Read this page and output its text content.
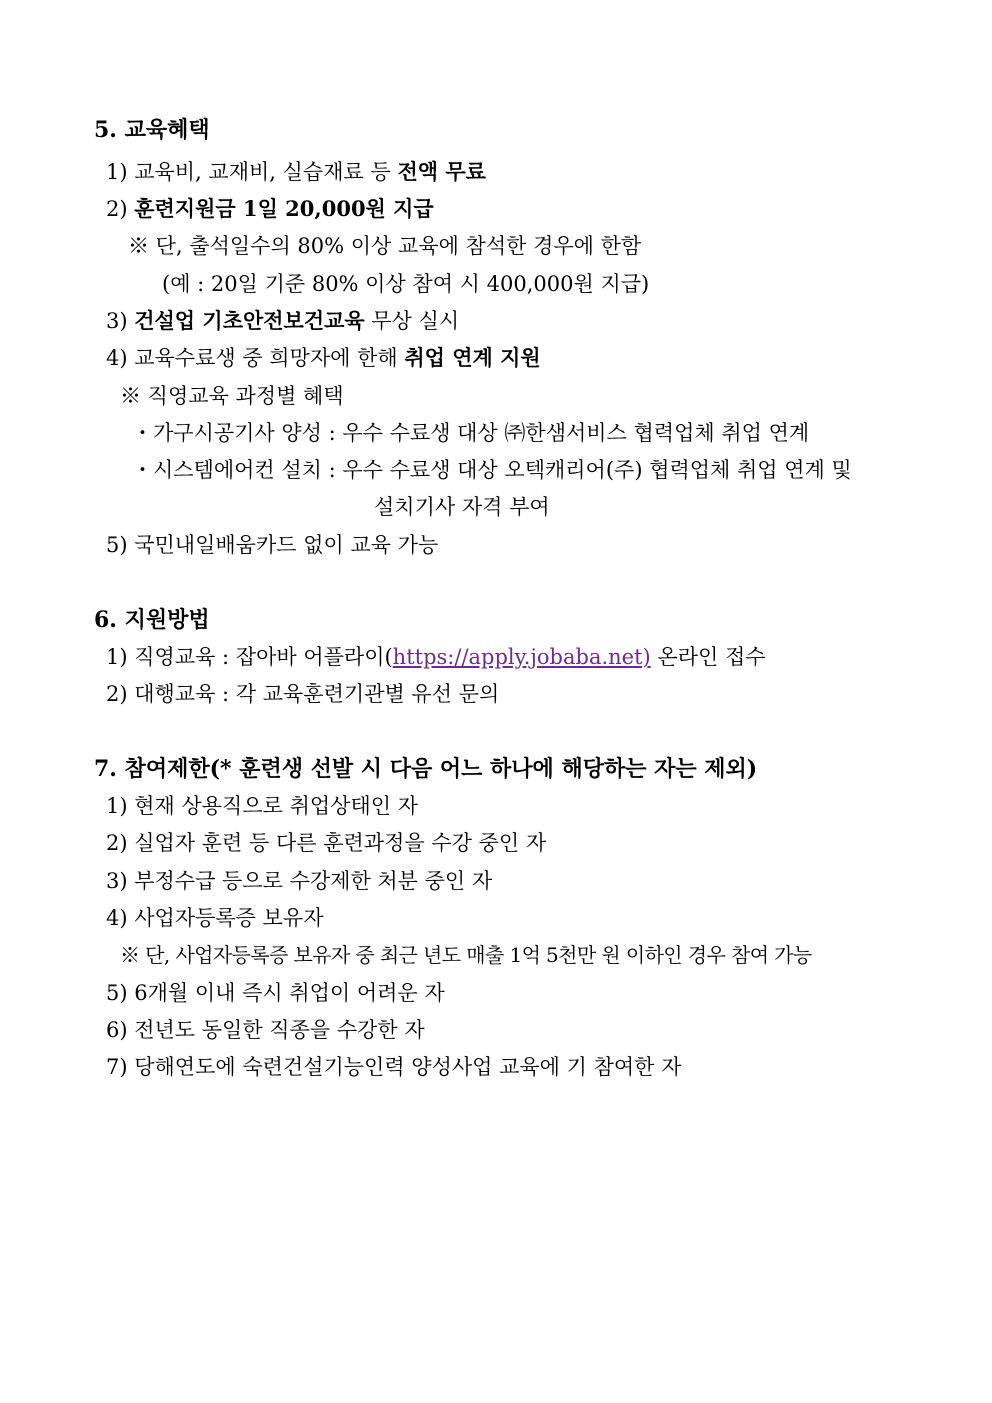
5. 교육혜택
1) 교육비, 교재비, 실습재료 등 전액 무료
2) 훈련지원금 1일 20,000원 지급
※ 단, 출석일수의 80% 이상 교육에 참석한 경우에 한함
(예 : 20일 기준 80% 이상 참여 시 400,000원 지급)
3) 건설업 기초안전보건교육 무상 실시
4) 교육수료생 중 희망자에 한해 취업 연계 지원
※ 직영교육 과정별 혜택
・가구시공기사 양성 : 우수 수료생 대상 ㈜한샘서비스 협력업체 취업 연계
・시스템에어컨 설치 : 우수 수료생 대상 오텍캐리어(주) 협력업체 취업 연계 및
설치기사 자격 부여
5) 국민내일배움카드 없이 교육 가능
6. 지원방법
1) 직영교육 : 잡아바 어플라이(https://apply.jobaba.net) 온라인 접수
2) 대행교육 : 각 교육훈련기관별 유선 문의
7. 참여제한(* 훈련생 선발 시 다음 어느 하나에 해당하는 자는 제외)
1) 현재 상용직으로 취업상태인 자
2) 실업자 훈련 등 다른 훈련과정을 수강 중인 자
3) 부정수급 등으로 수강제한 처분 중인 자
4) 사업자등록증 보유자
※ 단, 사업자등록증 보유자 중 최근 년도 매출 1억 5천만 원 이하인 경우 참여 가능
5) 6개월 이내 즉시 취업이 어려운 자
6) 전년도 동일한 직종을 수강한 자
7) 당해연도에 숙련건설기능인력 양성사업 교육에 기 참여한 자
